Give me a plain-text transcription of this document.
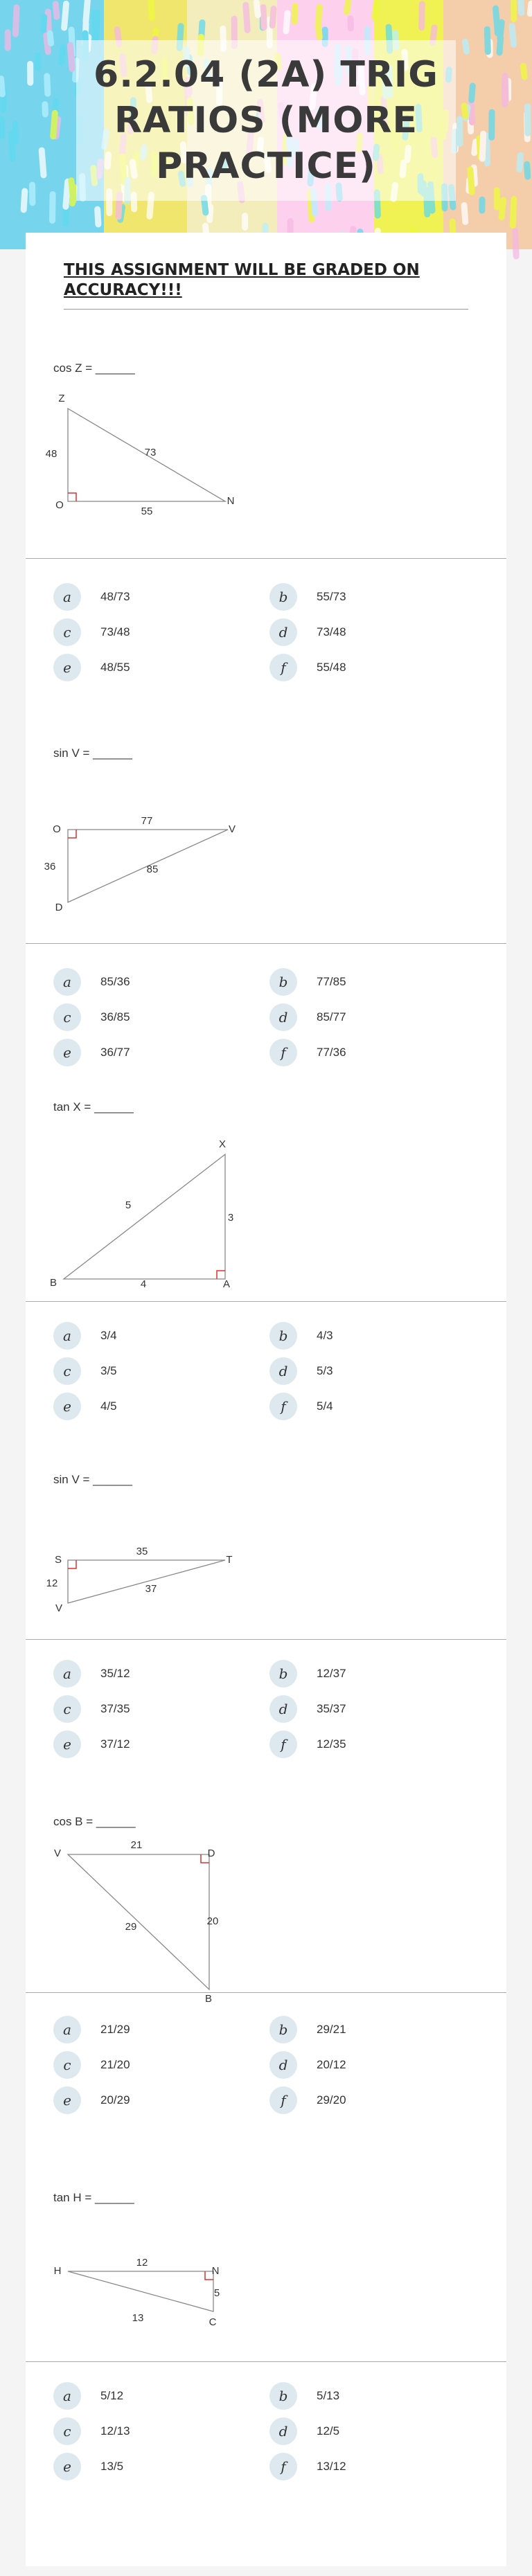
6.2.04 (2A) TRIG RATIOS (MORE PRACTICE)
THIS ASSIGNMENT WILL BE GRADED ON ACCURACY!!!
cos Z = ______
Z
O	N
48	73
55
a	48/73	b	55/73
c	73/48	d	73/48
e	48/55	f	55/48
sin V = ______
O	V
D
77
36	85
a	85/36	b	77/85
c	36/85	d	85/77
e	36/77	f	77/36
tan X = ______
X
B	A
5
3
4
a	3/4	b	4/3
c	3/5	d	5/3
e	4/5	f	5/4
sin V = ______
S	T
V
35
12	37
a	35/12	b	12/37
c	37/35	d	35/37
e	37/12	f	12/35
cos B = ______
V	D
B
21
20
29
a	21/29	b	29/21
c	21/20	d	20/12
e	20/29	f	29/20
tan H = ______
H	N
C
12
5
13
a	5/12	b	5/13
c	12/13	d	12/5
e	13/5	f	13/12
